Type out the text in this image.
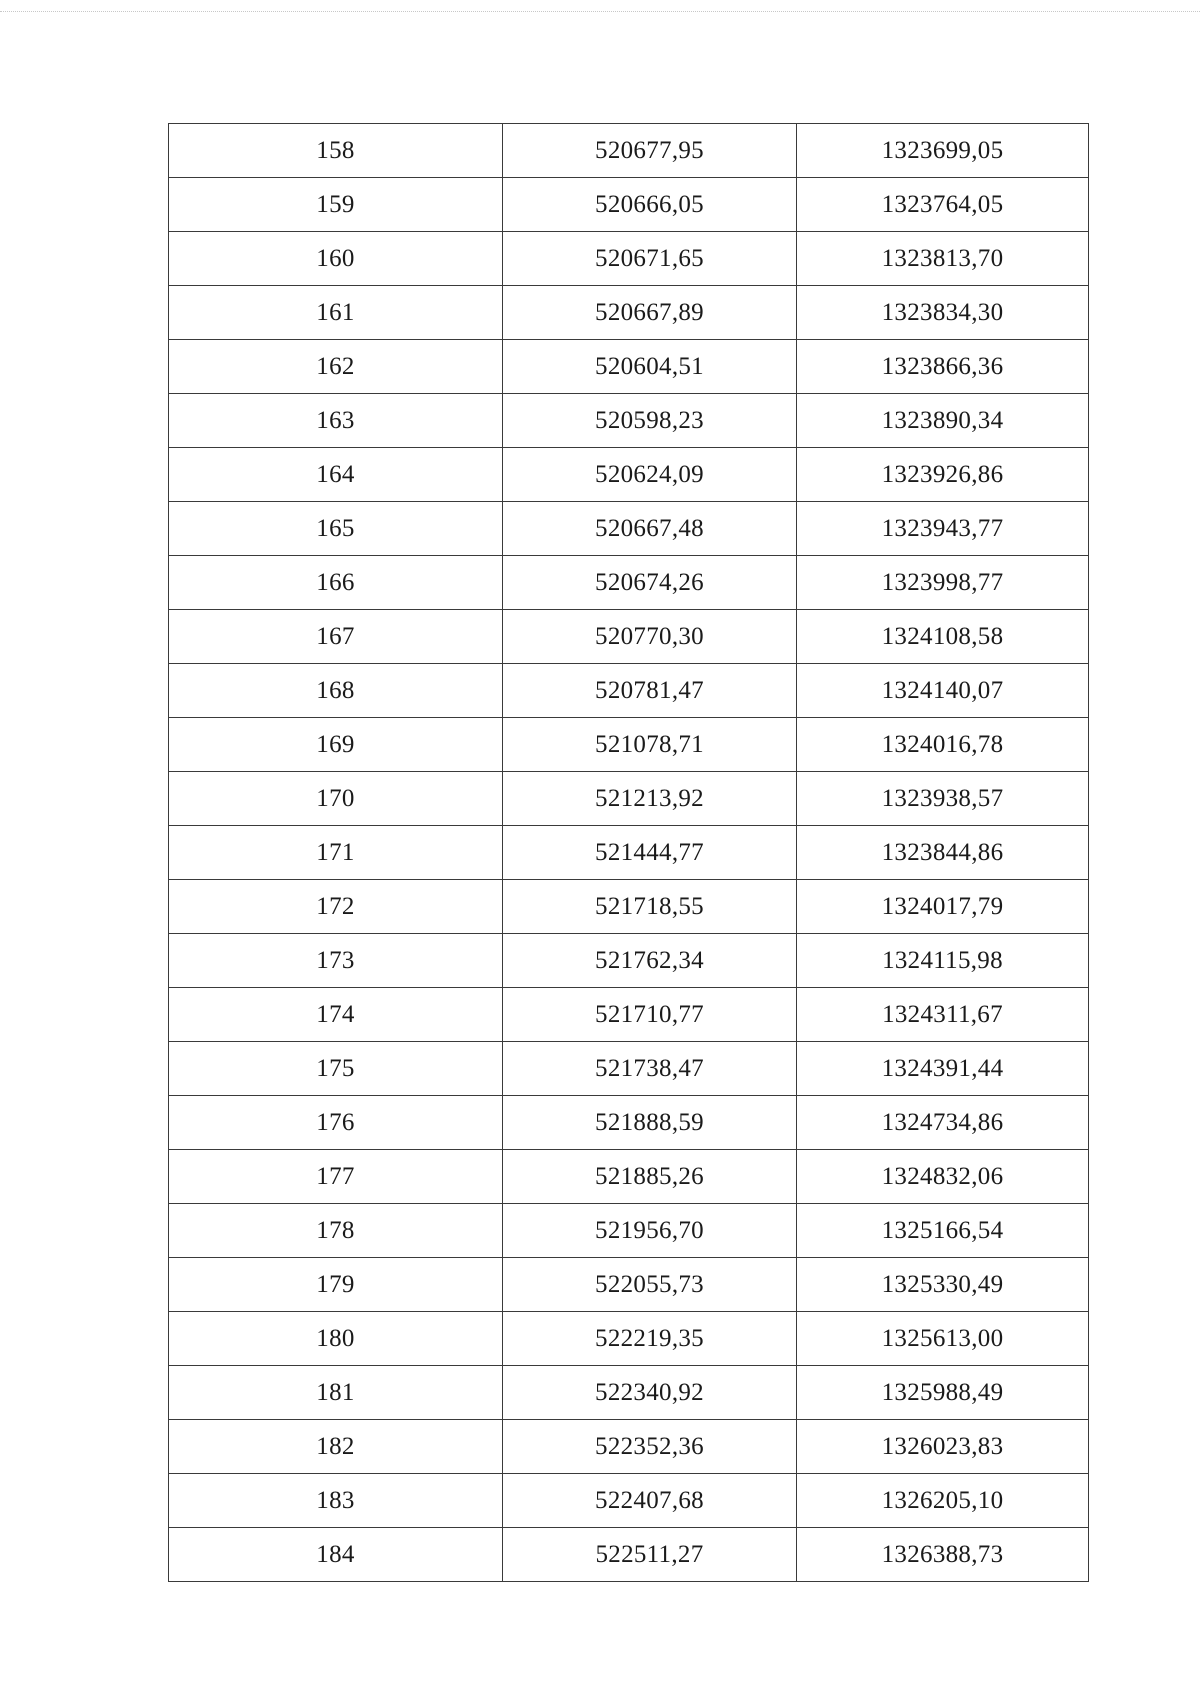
158	520677,95	1323699,05
159	520666,05	1323764,05
160	520671,65	1323813,70
161	520667,89	1323834,30
162	520604,51	1323866,36
163	520598,23	1323890,34
164	520624,09	1323926,86
165	520667,48	1323943,77
166	520674,26	1323998,77
167	520770,30	1324108,58
168	520781,47	1324140,07
169	521078,71	1324016,78
170	521213,92	1323938,57
171	521444,77	1323844,86
172	521718,55	1324017,79
173	521762,34	1324115,98
174	521710,77	1324311,67
175	521738,47	1324391,44
176	521888,59	1324734,86
177	521885,26	1324832,06
178	521956,70	1325166,54
179	522055,73	1325330,49
180	522219,35	1325613,00
181	522340,92	1325988,49
182	522352,36	1326023,83
183	522407,68	1326205,10
184	522511,27	1326388,73
